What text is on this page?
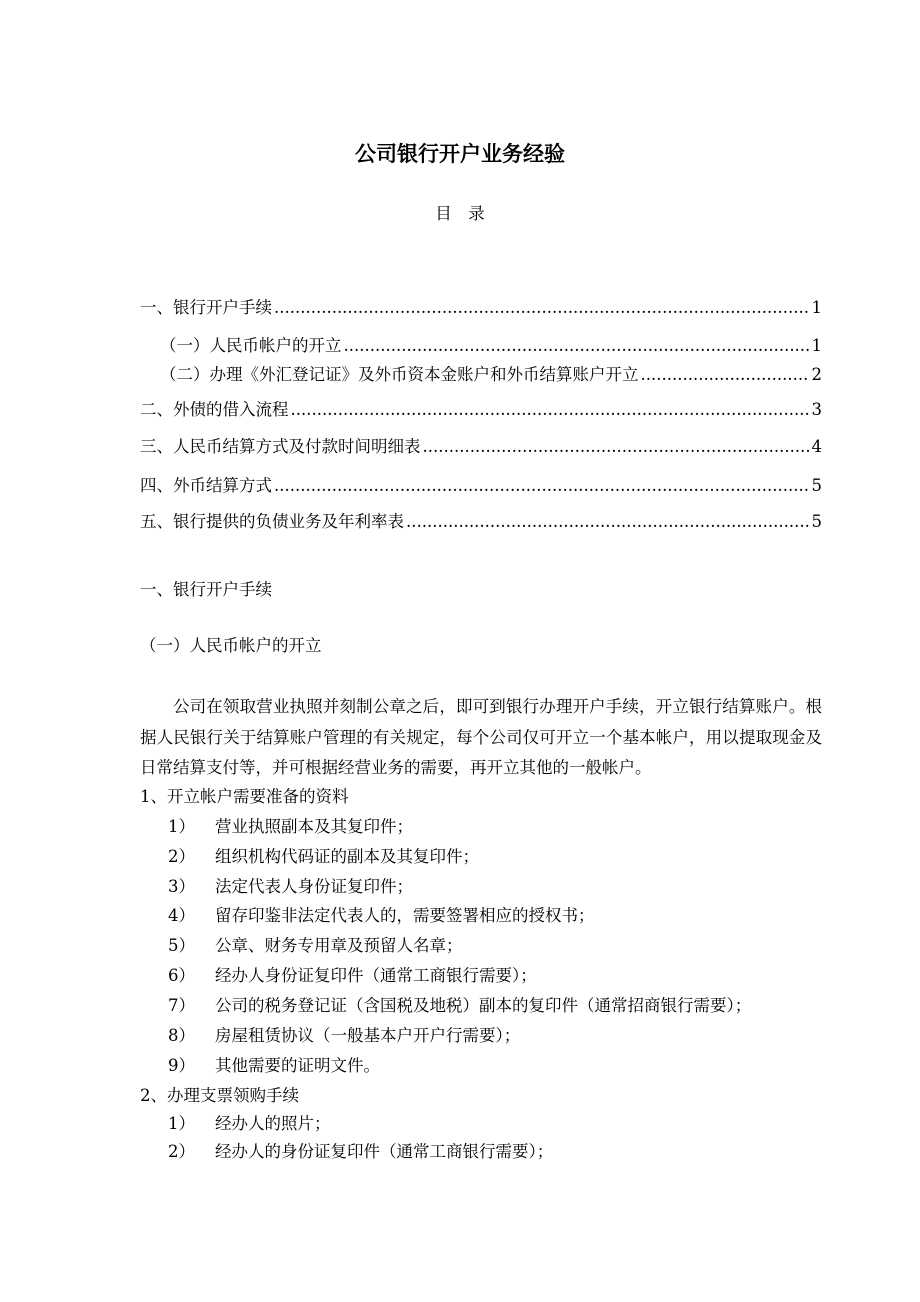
公司银行开户业务经验
目　录
一、银行开户手续 .....	1
（一）人民币帐户的开立 .....	1
（二）办理《外汇登记证》及外币资本金账户和外币结算账户开立 .....	2
二、外债的借入流程 .....	3
三、人民币结算方式及付款时间明细表 .....	4
四、外币结算方式 .....	5
五、银行提供的负债业务及年利率表 .....	5
一、银行开户手续
（一）人民币帐户的开立
公司在领取营业执照并刻制公章之后，即可到银行办理开户手续，开立银行结算账户。根据人民银行关于结算账户管理的有关规定，每个公司仅可开立一个基本帐户，用以提取现金及日常结算支付等，并可根据经营业务的需要，再开立其他的一般帐户。
1、开立帐户需要准备的资料
1） 营业执照副本及其复印件；
2） 组织机构代码证的副本及其复印件；
3） 法定代表人身份证复印件；
4） 留存印鉴非法定代表人的，需要签署相应的授权书；
5） 公章、财务专用章及预留人名章；
6） 经办人身份证复印件（通常工商银行需要）；
7） 公司的税务登记证（含国税及地税）副本的复印件（通常招商银行需要）；
8） 房屋租赁协议（一般基本户开户行需要）；
9） 其他需要的证明文件。
2、办理支票领购手续
1） 经办人的照片；
2） 经办人的身份证复印件（通常工商银行需要）；
